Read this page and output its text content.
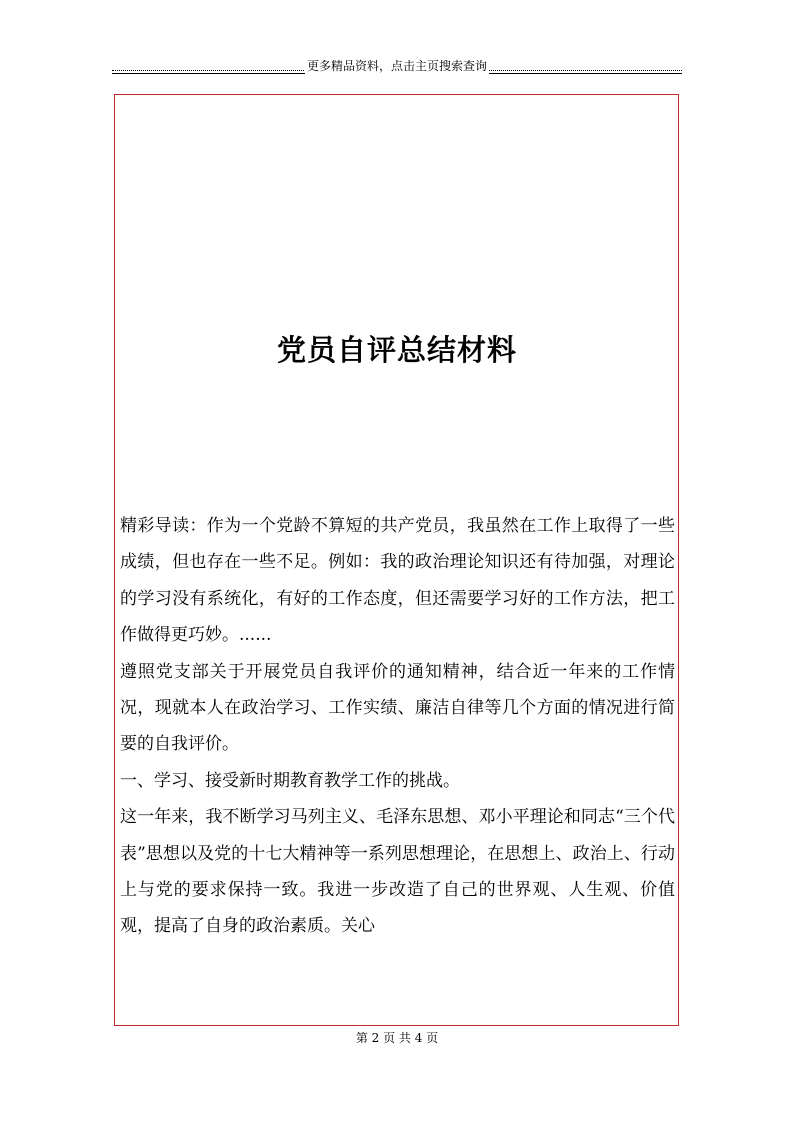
更多精品资料，点击主页搜索查询
党员自评总结材料

精彩导读：作为一个党龄不算短的共产党员，我虽然在工作上取得了一些成绩，但也存在一些不足。例如：我的政治理论知识还有待加强，对理论的学习没有系统化，有好的工作态度，但还需要学习好的工作方法，把工作做得更巧妙。......

遵照党支部关于开展党员自我评价的通知精神，结合近一年来的工作情况，现就本人在政治学习、工作实绩、廉洁自律等几个方面的情况进行简要的自我评价。

一、学习、接受新时期教育教学工作的挑战。

这一年来，我不断学习马列主义、毛泽东思想、邓小平理论和同志“三个代表”思想以及党的十七大精神等一系列思想理论，在思想上、政治上、行动上与党的要求保持一致。我进一步改造了自己的世界观、人生观、价值观，提高了自身的政治素质。关心

第 2 页 共 4 页
